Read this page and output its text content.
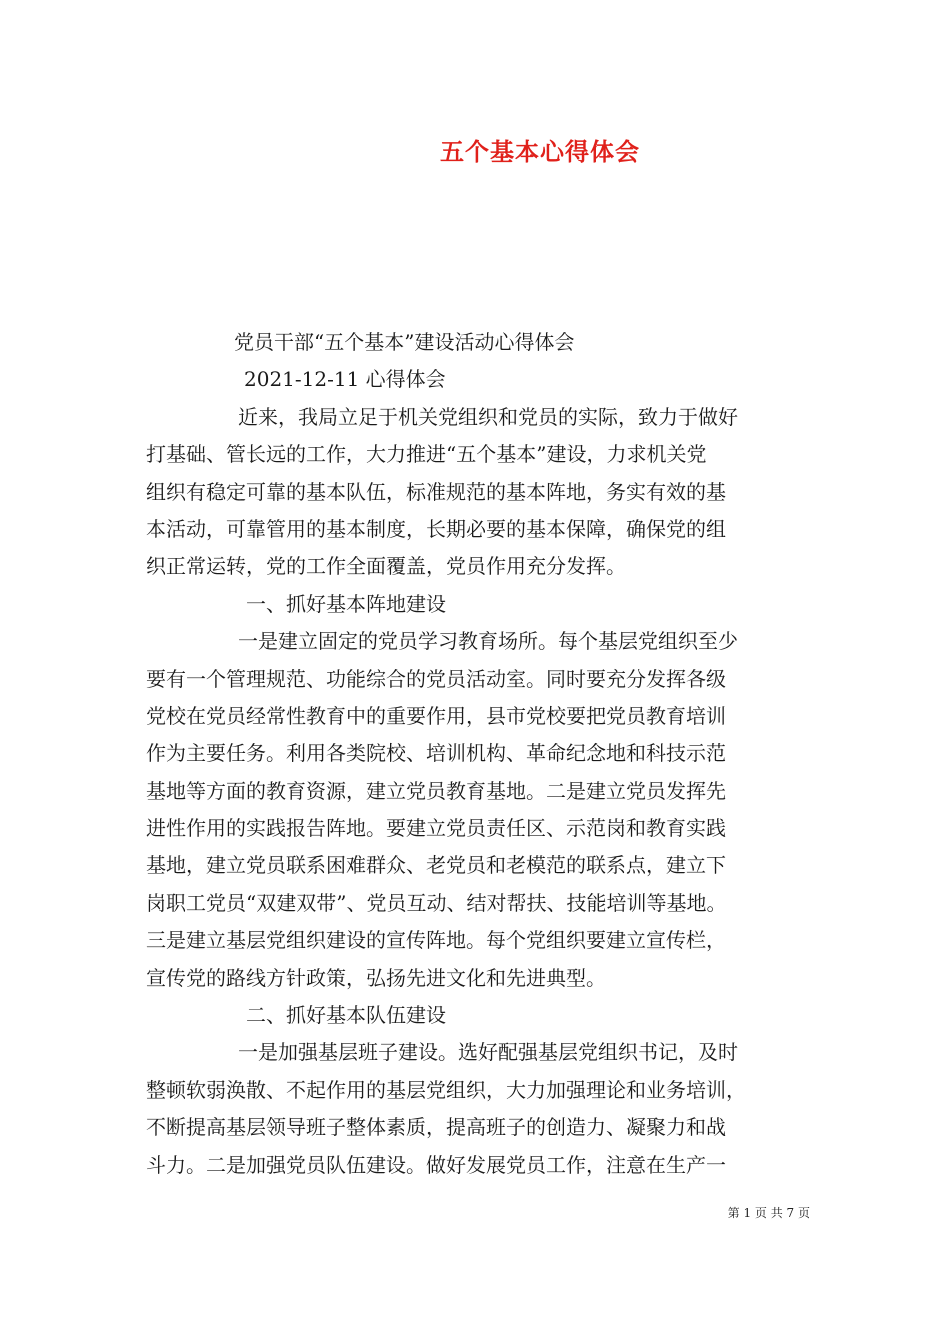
五个基本心得体会
党员干部“五个基本”建设活动心得体会
2021-12-11 心得体会
近来，我局立足于机关党组织和党员的实际，致力于做好
打基础、管长远的工作，大力推进“五个基本”建设，力求机关党
组织有稳定可靠的基本队伍，标准规范的基本阵地，务实有效的基
本活动，可靠管用的基本制度，长期必要的基本保障，确保党的组
织正常运转，党的工作全面覆盖，党员作用充分发挥。
一、抓好基本阵地建设
一是建立固定的党员学习教育场所。每个基层党组织至少
要有一个管理规范、功能综合的党员活动室。同时要充分发挥各级
党校在党员经常性教育中的重要作用，县市党校要把党员教育培训
作为主要任务。利用各类院校、培训机构、革命纪念地和科技示范
基地等方面的教育资源，建立党员教育基地。二是建立党员发挥先
进性作用的实践报告阵地。要建立党员责任区、示范岗和教育实践
基地，建立党员联系困难群众、老党员和老模范的联系点，建立下
岗职工党员“双建双带”、党员互动、结对帮扶、技能培训等基地。
三是建立基层党组织建设的宣传阵地。每个党组织要建立宣传栏，
宣传党的路线方针政策，弘扬先进文化和先进典型。
二、抓好基本队伍建设
一是加强基层班子建设。选好配强基层党组织书记，及时
整顿软弱涣散、不起作用的基层党组织，大力加强理论和业务培训，
不断提高基层领导班子整体素质，提高班子的创造力、凝聚力和战
斗力。二是加强党员队伍建设。做好发展党员工作，注意在生产一
第 1 页 共 7 页
